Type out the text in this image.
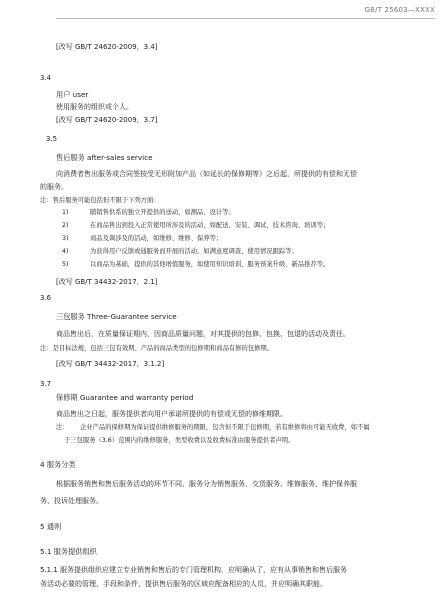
GB/T 25603—XXXX
[改写 GB/T 24620-2009，3.4]
3.4
用户 user
使用服务的组织或个人。
[改写 GB/T 24620-2009，3.7]
3.5
售后服务 after-sales service
向消费者售出服务或合同签按受无形附加产品（如延长的保修期等）之后起，所提供的有偿和无偿
的服务。
注：售后服务可能包括但不限于下列方面：
1)	随销售供系的独立开提供的送动，如测品、设计等；
2)	在商品售出到投入正常使用所涉及的活动，如配送、安装、调试、技术咨询、培训等；
3)	商品及调涉及的活动，如维修、维修、保养等；
4)	为获得用户反馈或通服务而开展的活动，如满意度调查、使用情况跟踪等；
5)	以商品为基础，提供的其他增值服务，如使用知识培训、服务预案升级、新品推荐等。
[改写 GB/T 34432-2017，2.1]
3.6
三包服务 Three-Guarantee service
商品售出后，在质量保证期内，因商品质量问题，对其提供的包修、包换、包退的活动及责任。
注：是目标法规，包括三包有效期、产品的商品类型的包修期和商品有修的包修期。
[改写 GB/T 34432-2017，3.1.2]
3.7
保修期 Guarantee and warranty period
商品售出之日起，服务提供者向用户承诺所提供的有偿或无偿的修维期限。
注： 企业产品的保修期为保证提供维修服务的期限，包含但不限于包修期，若有维修将由可能无收费，如不属
于三包服务（3.6）范围内的维修服务，类型收费以及收费标准由服务提供者声明。
4 服务分类
根据服务销售和售后服务活动的环节不同，服务分为销售服务、交货服务、维修服务、维护保养服
务、投诉处理服务。
5 通则
5.1 服务提供组织
5.1.1 服务提供组织应建立专业销售和售后的专门管理机构，应明确从了，应有从事销售和售后服务
务活动必要的管理、手段和条件，提供售后服务的区域应配备相应的人员，并应明确其职能。
